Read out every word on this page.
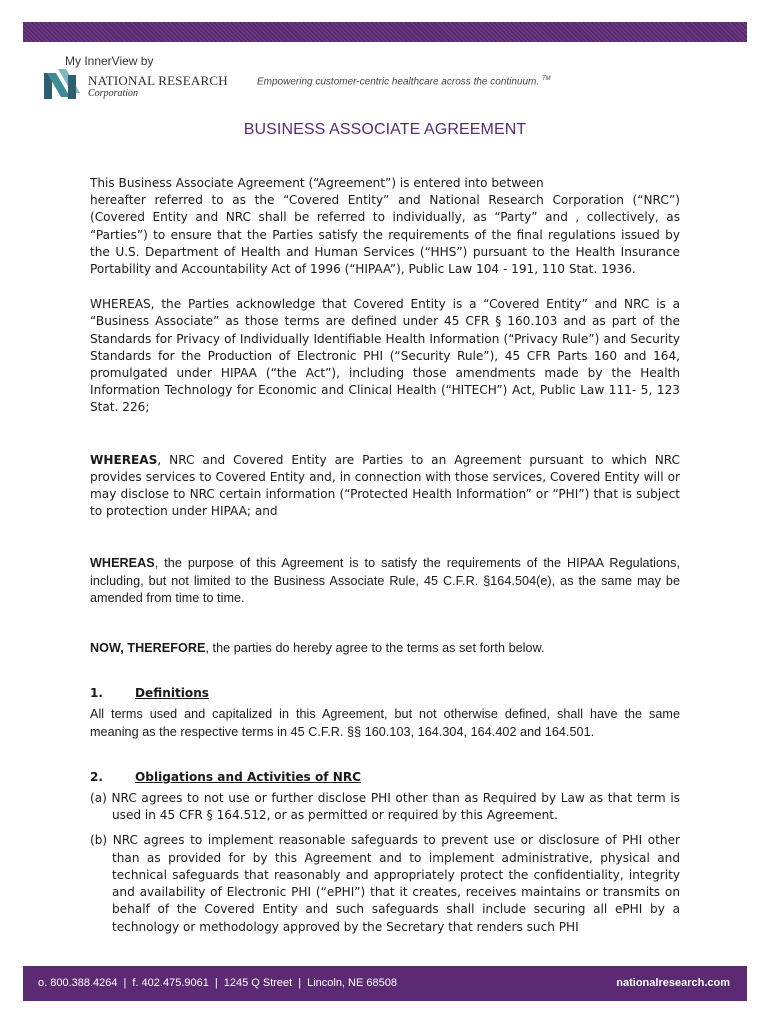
My InnerView by
NATIONAL RESEARCH
Corporation
Empowering customer-centric healthcare across the continuum. ™
BUSINESS ASSOCIATE AGREEMENT

This Business Associate Agreement (“Agreement”) is entered into between

hereafter referred to as the “Covered Entity” and National Research Corporation (“NRC”) (Covered Entity and NRC shall be referred to individually, as “Party” and , collectively, as “Parties”) to ensure that the Parties satisfy the requirements of the final regulations issued by the U.S. Department of Health and Human Services (“HHS”) pursuant to the Health Insurance Portability and Accountability Act of 1996 (“HIPAA”), Public Law 104 - 191, 110 Stat. 1936.

WHEREAS, the Parties acknowledge that Covered Entity is a “Covered Entity” and NRC is a “Business Associate” as those terms are defined under 45 CFR § 160.103 and as part of the Standards for Privacy of Individually Identifiable Health Information (“Privacy Rule”) and Security Standards for the Production of Electronic PHI (“Security Rule”), 45 CFR Parts 160 and 164, promulgated under HIPAA (“the Act”), including those amendments made by the Health Information Technology for Economic and Clinical Health (“HITECH”) Act, Public Law 111- 5, 123 Stat. 226;

WHEREAS, NRC and Covered Entity are Parties to an Agreement pursuant to which NRC provides services to Covered Entity and, in connection with those services, Covered Entity will or may disclose to NRC certain information (“Protected Health Information” or “PHI”) that is subject to protection under HIPAA; and

WHEREAS, the purpose of this Agreement is to satisfy the requirements of the HIPAA Regulations, including, but not limited to the Business Associate Rule, 45 C.F.R. §164.504(e), as the same may be amended from time to time.

NOW, THEREFORE, the parties do hereby agree to the terms as set forth below.

1.	Definitions

All terms used and capitalized in this Agreement, but not otherwise defined, shall have the same meaning as the respective terms in 45 C.F.R. §§ 160.103, 164.304, 164.402 and 164.501.

2.	Obligations and Activities of NRC

(a) NRC agrees to not use or further disclose PHI other than as Required by Law as that term is used in 45 CFR § 164.512, or as permitted or required by this Agreement.

(b) NRC agrees to implement reasonable safeguards to prevent use or disclosure of PHI other than as provided for by this Agreement and to implement administrative, physical and technical safeguards that reasonably and appropriately protect the confidentiality, integrity and availability of Electronic PHI (“ePHI”) that it creates, receives maintains or transmits on behalf of the Covered Entity and such safeguards shall include securing all ePHI by a technology or methodology approved by the Secretary that renders such PHI

o. 800.388.4264 | f. 402.475.9061 | 1245 Q Street | Lincoln, NE 68508	nationalresearch.com
